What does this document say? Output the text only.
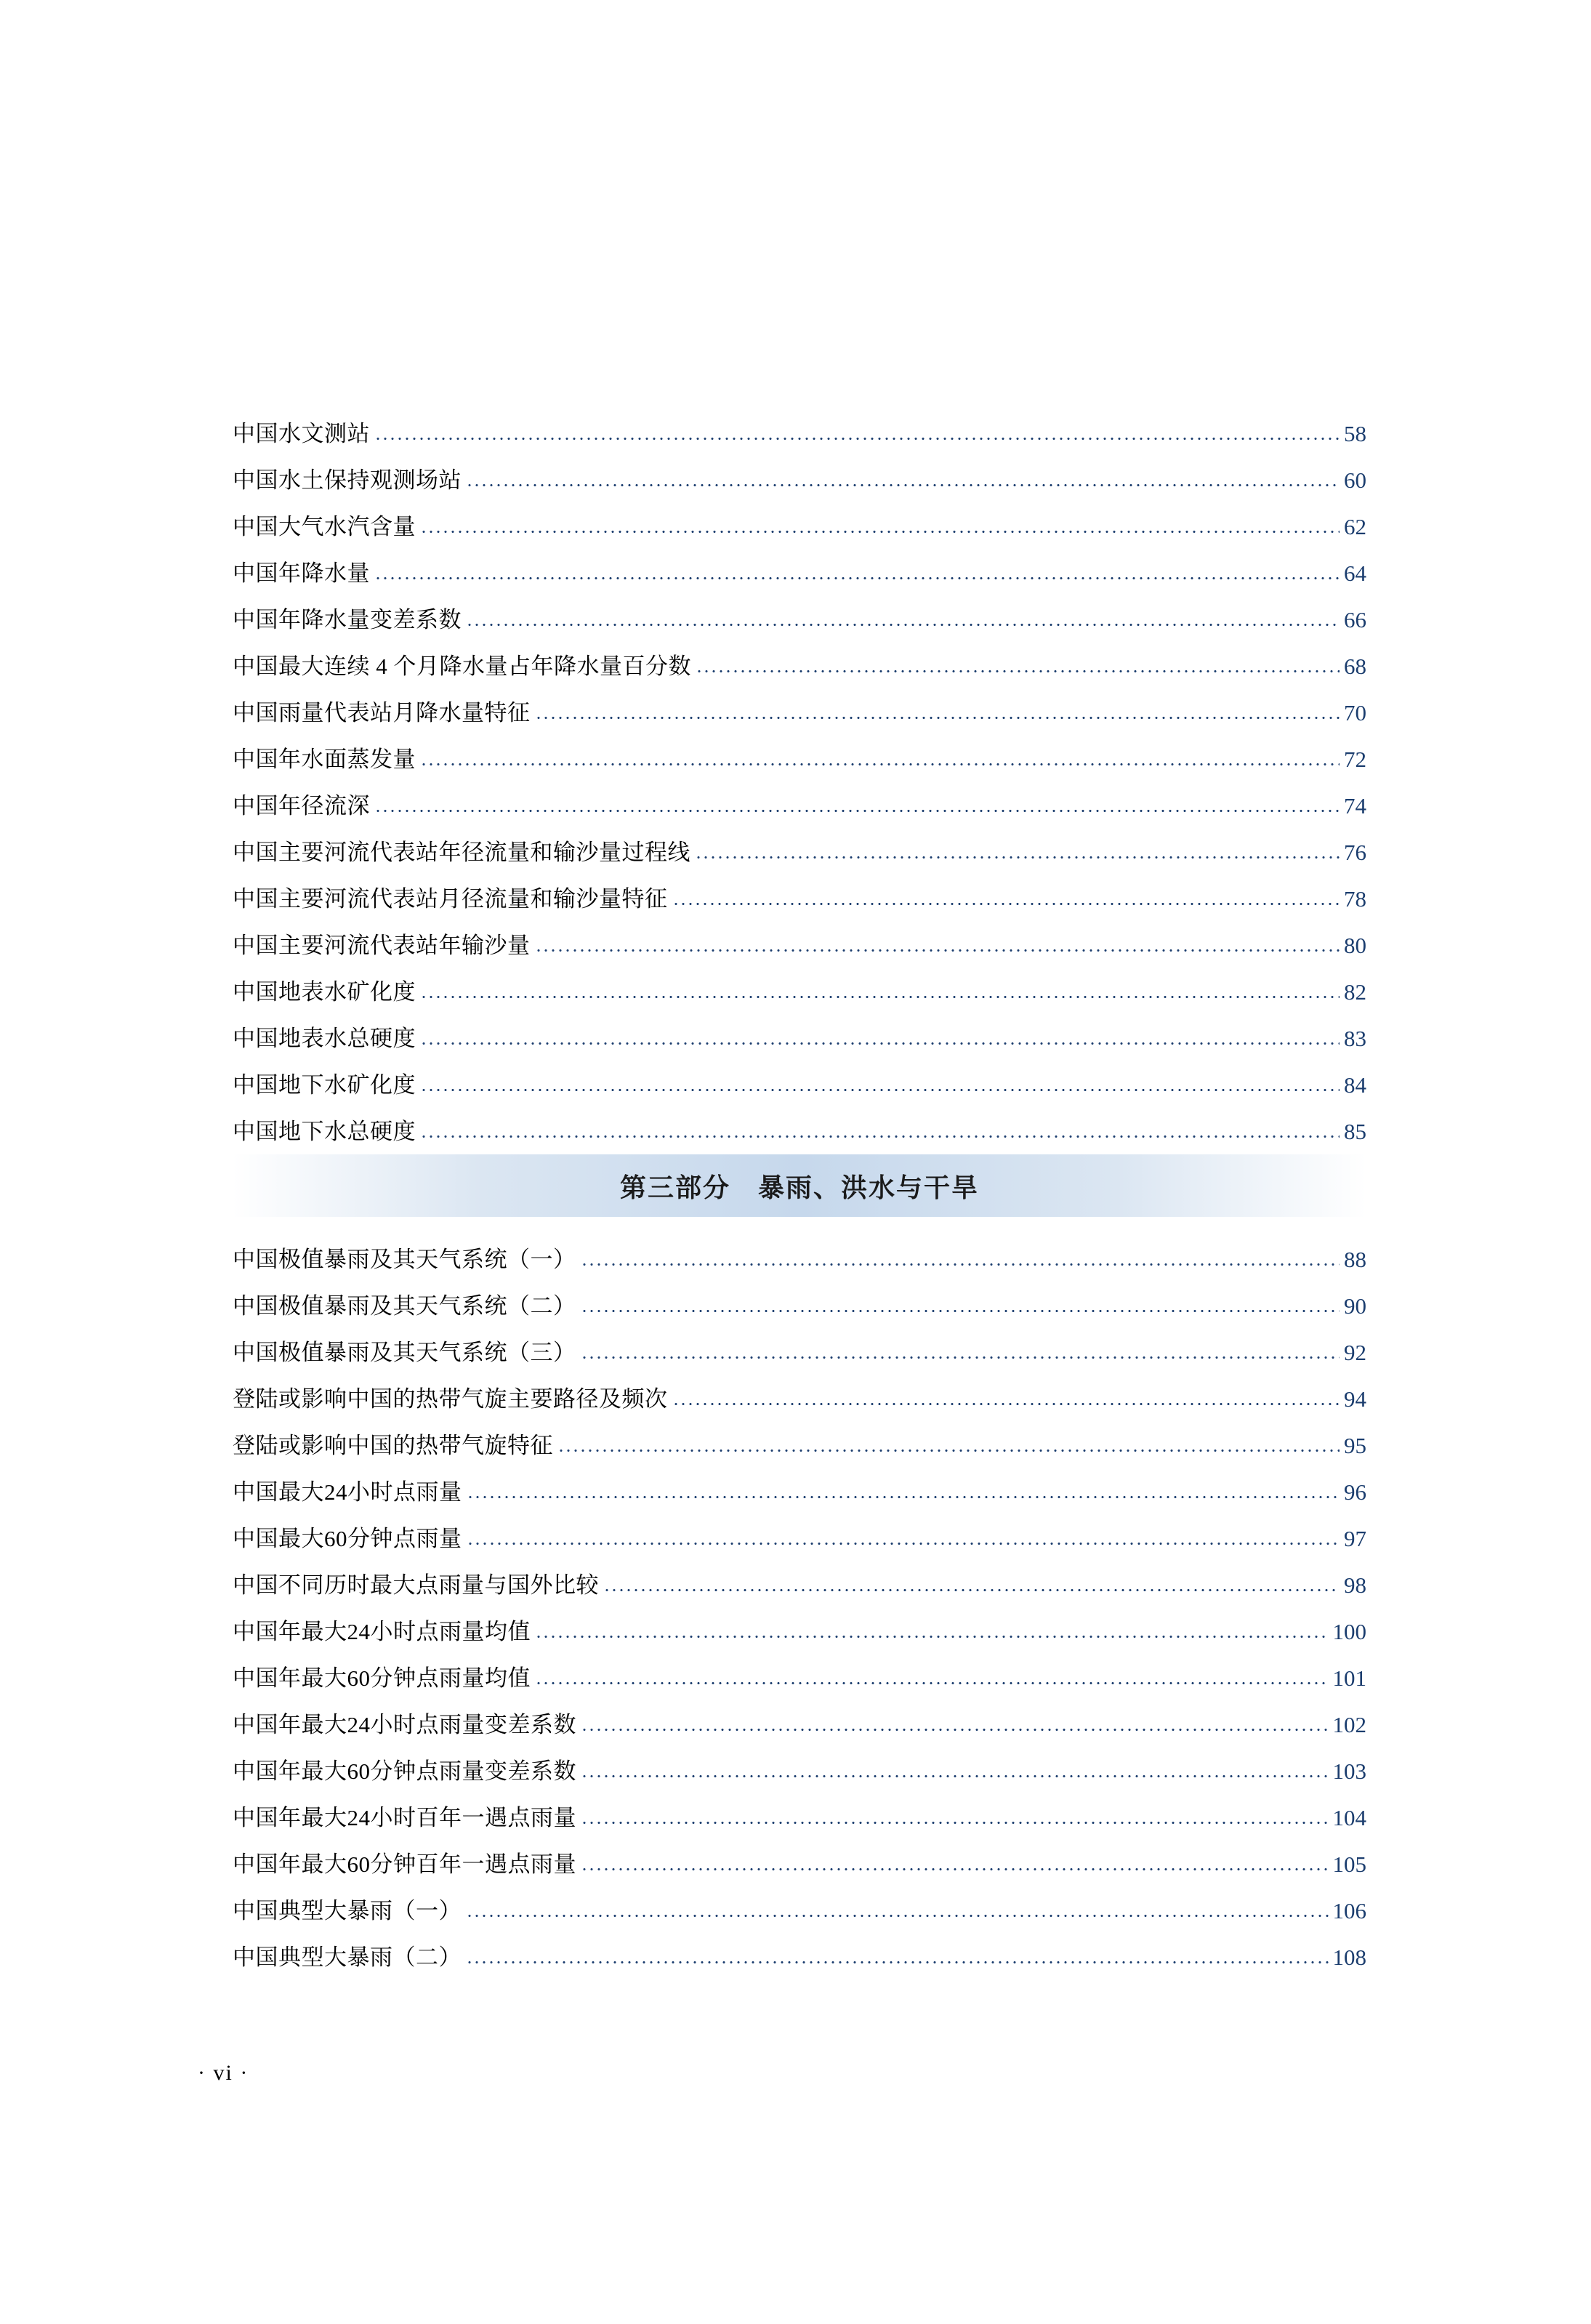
中国水文测站	58
中国水土保持观测场站	60
中国大气水汽含量	62
中国年降水量	64
中国年降水量变差系数	66
中国最大连续 4 个月降水量占年降水量百分数	68
中国雨量代表站月降水量特征	70
中国年水面蒸发量	72
中国年径流深	74
中国主要河流代表站年径流量和输沙量过程线	76
中国主要河流代表站月径流量和输沙量特征	78
中国主要河流代表站年输沙量	80
中国地表水矿化度	82
中国地表水总硬度	83
中国地下水矿化度	84
中国地下水总硬度	85
第三部分　暴雨、洪水与干旱
中国极值暴雨及其天气系统（一）	88
中国极值暴雨及其天气系统（二）	90
中国极值暴雨及其天气系统（三）	92
登陆或影响中国的热带气旋主要路径及频次	94
登陆或影响中国的热带气旋特征	95
中国最大24小时点雨量	96
中国最大60分钟点雨量	97
中国不同历时最大点雨量与国外比较	98
中国年最大24小时点雨量均值	100
中国年最大60分钟点雨量均值	101
中国年最大24小时点雨量变差系数	102
中国年最大60分钟点雨量变差系数	103
中国年最大24小时百年一遇点雨量	104
中国年最大60分钟百年一遇点雨量	105
中国典型大暴雨（一）	106
中国典型大暴雨（二）	108
· vi ·
